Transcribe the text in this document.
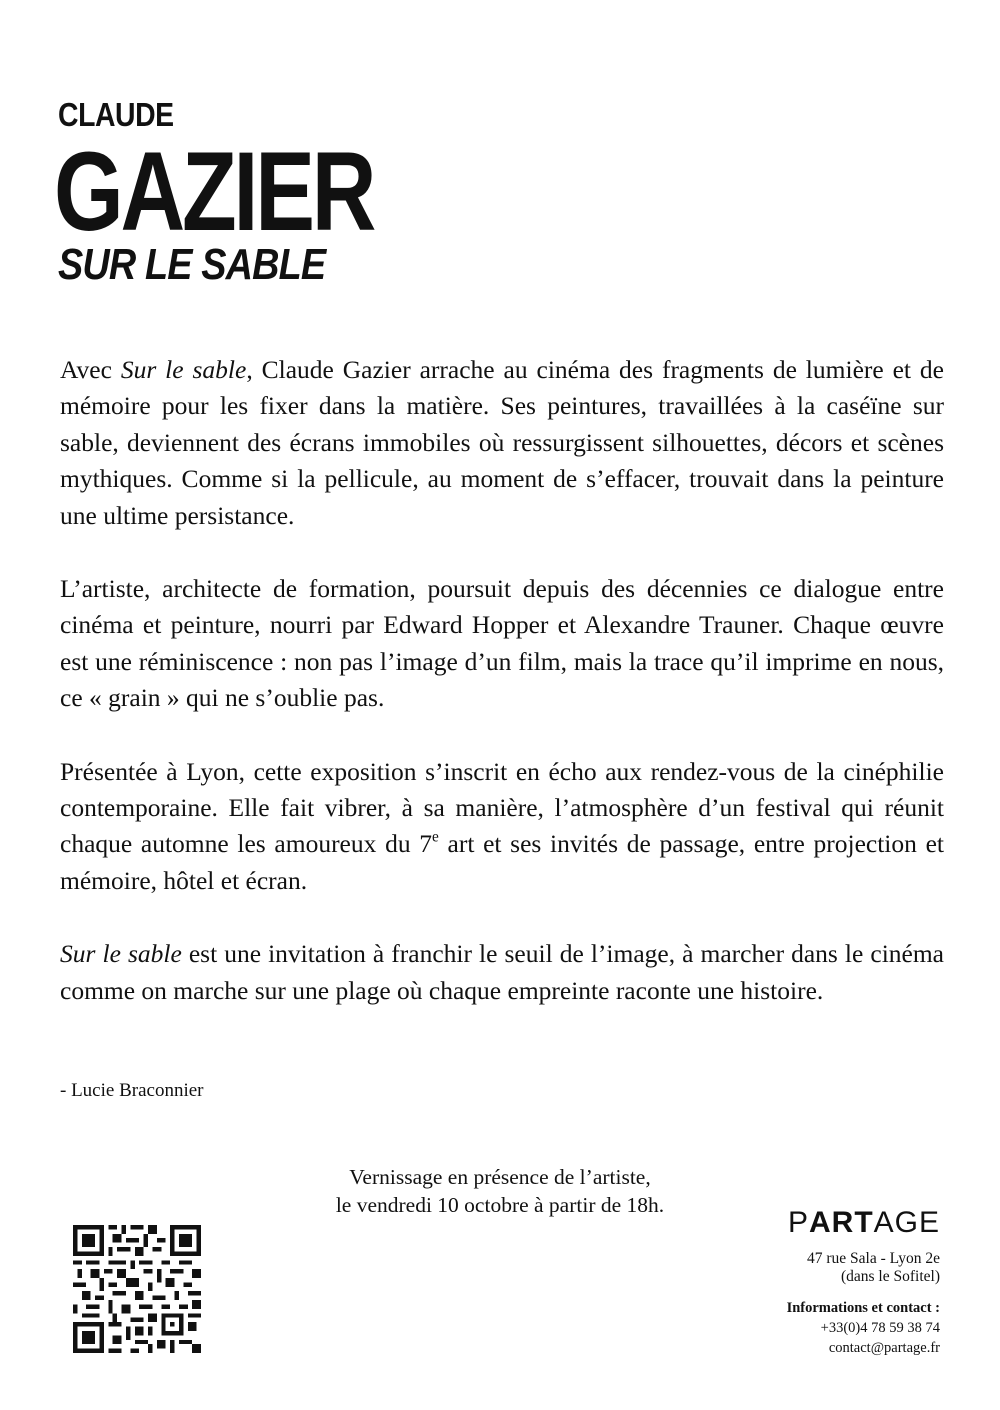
CLAUDE
GAZIER
SUR LE SABLE

Avec Sur le sable, Claude Gazier arrache au cinéma des fragments de lumière et de mémoire pour les fixer dans la matière. Ses peintures, travaillées à la caséïne sur sable, deviennent des écrans immobiles où ressurgissent silhouettes, décors et scènes mythiques. Comme si la pellicule, au moment de s’effacer, trouvait dans la peinture une ultime persistance.

L’artiste, architecte de formation, poursuit depuis des décennies ce dialogue entre cinéma et peinture, nourri par Edward Hopper et Alexandre Trauner. Chaque œuvre est une réminiscence : non pas l’image d’un film, mais la trace qu’il imprime en nous, ce « grain » qui ne s’oublie pas.

Présentée à Lyon, cette exposition s’inscrit en écho aux rendez-vous de la cinéphilie contemporaine. Elle fait vibrer, à sa manière, l’atmosphère d’un festival qui réunit chaque automne les amoureux du 7e art et ses invités de passage, entre projection et mémoire, hôtel et écran.

Sur le sable est une invitation à franchir le seuil de l’image, à marcher dans le cinéma comme on marche sur une plage où chaque empreinte raconte une histoire.

- Lucie Braconnier
Vernissage en présence de l’artiste,
le vendredi 10 octobre à partir de 18h.
PARTAGE
47 rue Sala - Lyon 2e
(dans le Sofitel)
Informations et contact :
+33(0)4 78 59 38 74
contact@partage.fr
